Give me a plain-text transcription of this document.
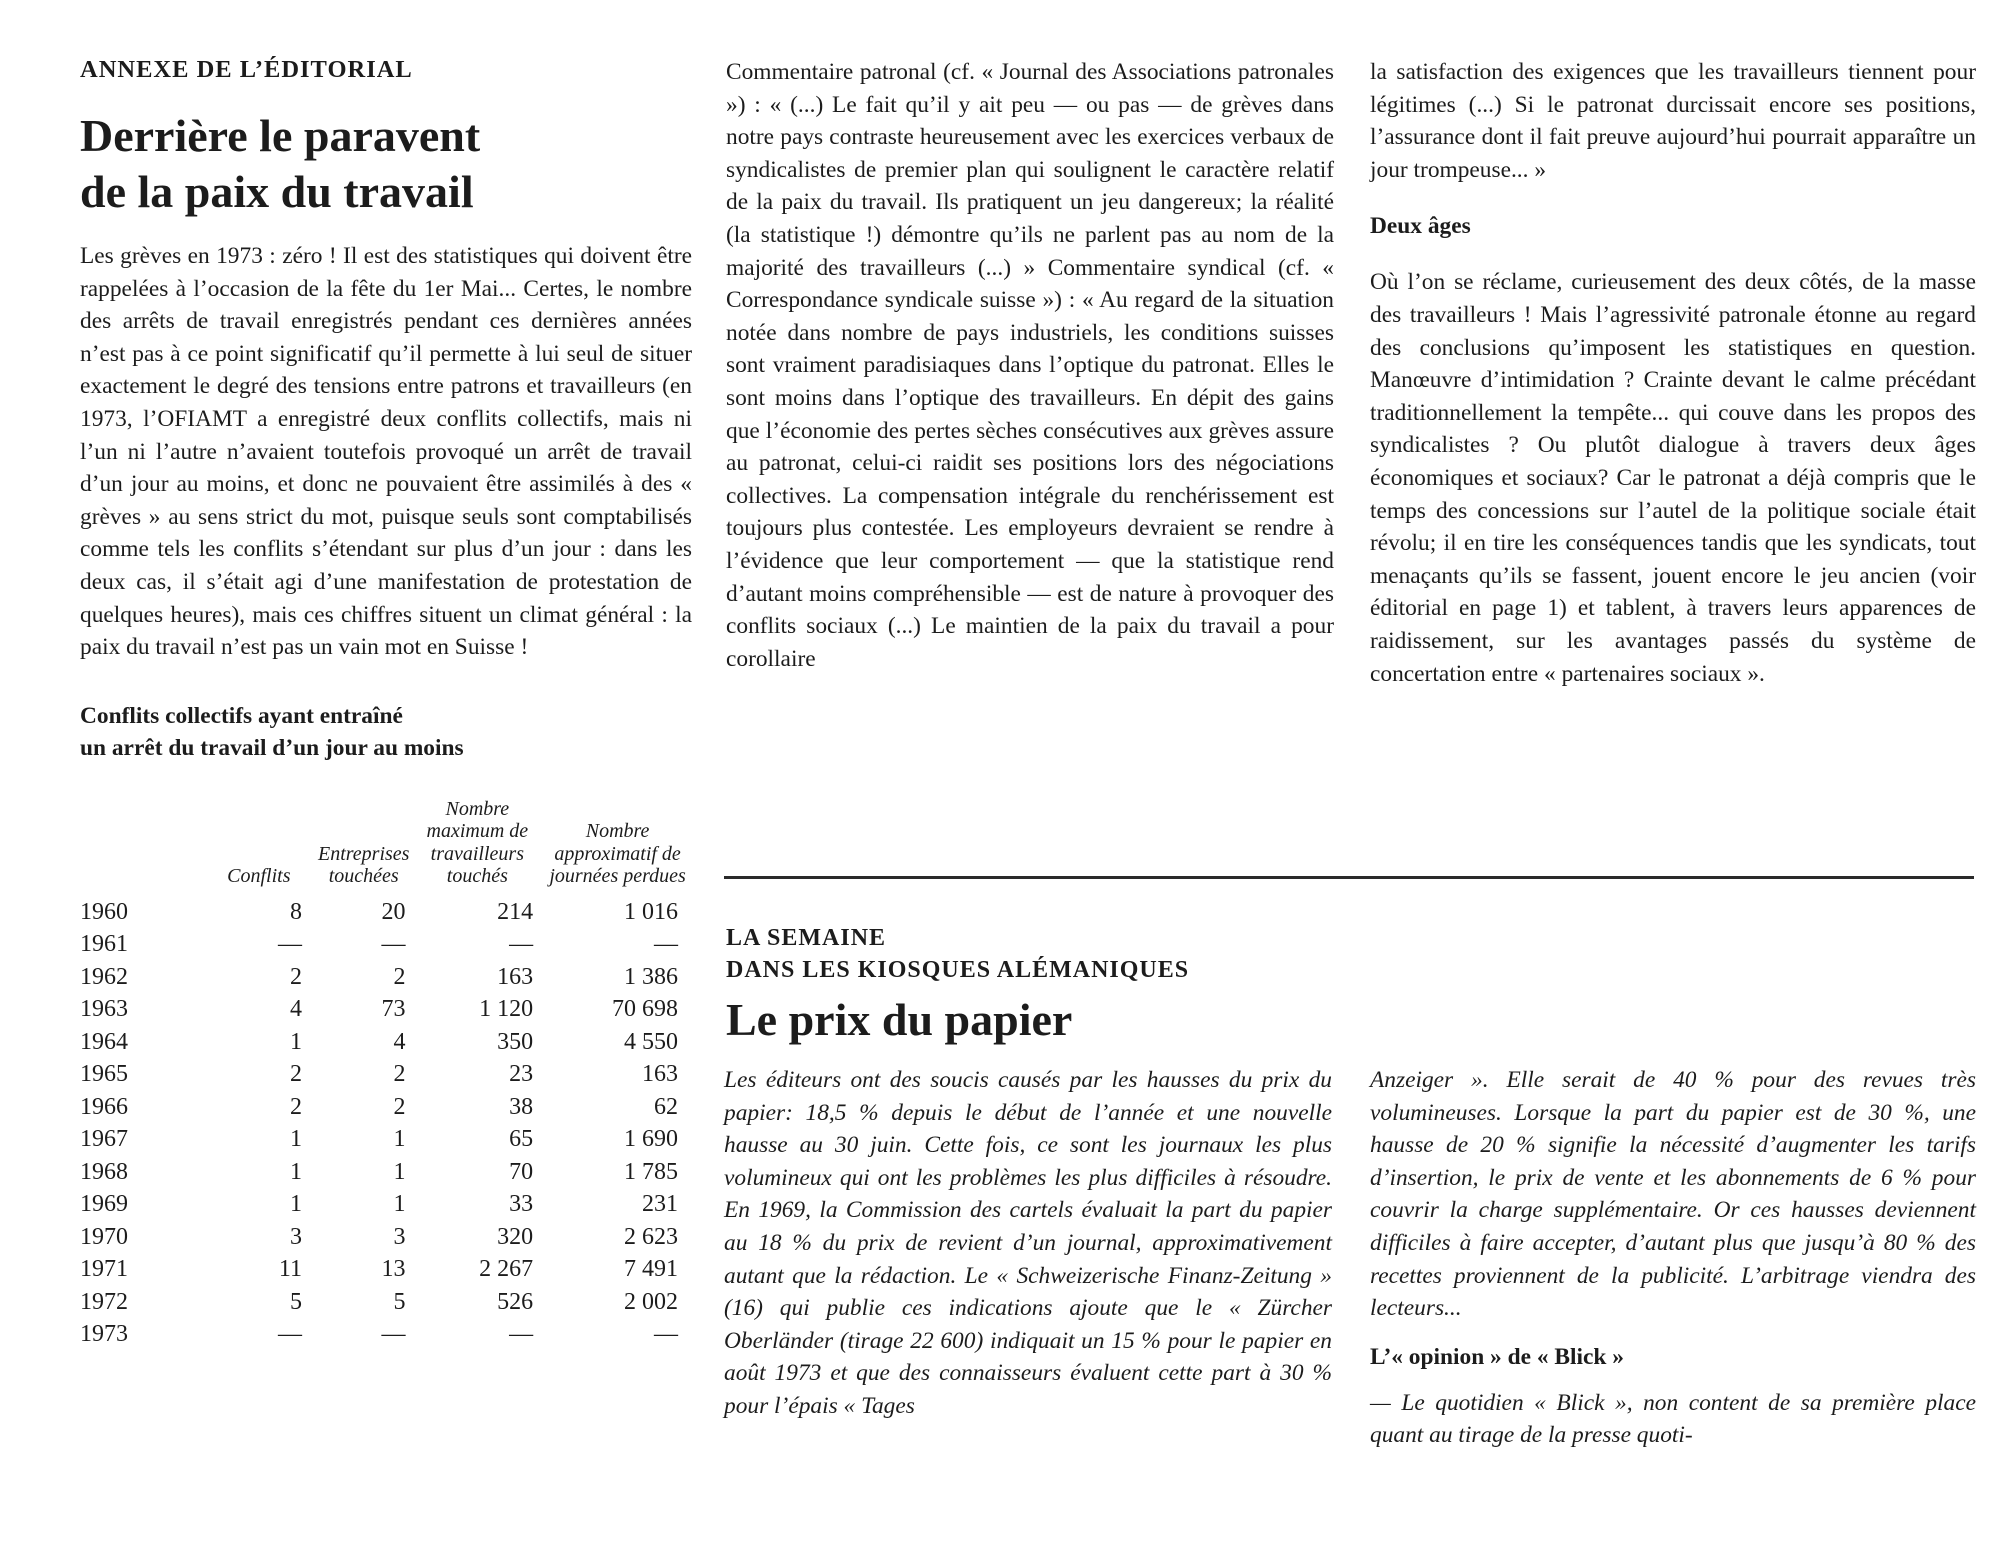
ANNEXE DE L’ÉDITORIAL

Derrière le paravent
de la paix du travail

Les grèves en 1973 : zéro ! Il est des statistiques qui doivent être rappelées à l’occasion de la fête du 1er Mai... Certes, le nombre des arrêts de travail enregistrés pendant ces dernières années n’est pas à ce point significatif qu’il permette à lui seul de situer exactement le degré des tensions entre patrons et travailleurs (en 1973, l’OFIAMT a enregistré deux conflits collectifs, mais ni l’un ni l’autre n’avaient toutefois provoqué un arrêt de travail d’un jour au moins, et donc ne pouvaient être assimilés à des « grèves » au sens strict du mot, puisque seuls sont comptabilisés comme tels les conflits s’étendant sur plus d’un jour : dans les deux cas, il s’était agi d’une manifestation de protestation de quelques heures), mais ces chiffres situent un climat général : la paix du travail n’est pas un vain mot en Suisse !

Conflits collectifs ayant entraîné
un arrêt du travail d’un jour au moins

	Conflits	Entreprises touchées	Nombre maximum de travailleurs touchés	Nombre approximatif de journées perdues
1960	8	20	214	1 016
1961	—	—	—	—
1962	2	2	163	1 386
1963	4	73	1 120	70 698
1964	1	4	350	4 550
1965	2	2	23	163
1966	2	2	38	62
1967	1	1	65	1 690
1968	1	1	70	1 785
1969	1	1	33	231
1970	3	3	320	2 623
1971	11	13	2 267	7 491
1972	5	5	526	2 002
1973	—	—	—	—

Commentaire patronal (cf. « Journal des Associations patronales ») : « (...) Le fait qu’il y ait peu — ou pas — de grèves dans notre pays contraste heureusement avec les exercices verbaux de syndicalistes de premier plan qui soulignent le caractère relatif de la paix du travail. Ils pratiquent un jeu dangereux; la réalité (la statistique !) démontre qu’ils ne parlent pas au nom de la majorité des travailleurs (...) » Commentaire syndical (cf. « Correspondance syndicale suisse ») : « Au regard de la situation notée dans nombre de pays industriels, les conditions suisses sont vraiment paradisiaques dans l’optique du patronat. Elles le sont moins dans l’optique des travailleurs. En dépit des gains que l’économie des pertes sèches consécutives aux grèves assure au patronat, celui-ci raidit ses positions lors des négociations collectives. La compensation intégrale du renchérissement est toujours plus contestée. Les employeurs devraient se rendre à l’évidence que leur comportement — que la statistique rend d’autant moins compréhensible — est de nature à provoquer des conflits sociaux (...) Le maintien de la paix du travail a pour corollaire

la satisfaction des exigences que les travailleurs tiennent pour légitimes (...) Si le patronat durcissait encore ses positions, l’assurance dont il fait preuve aujourd’hui pourrait apparaître un jour trompeuse... »

Deux âges

Où l’on se réclame, curieusement des deux côtés, de la masse des travailleurs ! Mais l’agressivité patronale étonne au regard des conclusions qu’imposent les statistiques en question. Manœuvre d’intimidation ? Crainte devant le calme précédant traditionnellement la tempête... qui couve dans les propos des syndicalistes ? Ou plutôt dialogue à travers deux âges économiques et sociaux? Car le patronat a déjà compris que le temps des concessions sur l’autel de la politique sociale était révolu; il en tire les conséquences tandis que les syndicats, tout menaçants qu’ils se fassent, jouent encore le jeu ancien (voir éditorial en page 1) et tablent, à travers leurs apparences de raidissement, sur les avantages passés du système de concertation entre « partenaires sociaux ».

LA SEMAINE

DANS LES KIOSQUES ALÉMANIQUES

Le prix du papier

Les éditeurs ont des soucis causés par les hausses du prix du papier: 18,5 % depuis le début de l’année et une nouvelle hausse au 30 juin. Cette fois, ce sont les journaux les plus volumineux qui ont les problèmes les plus difficiles à résoudre. En 1969, la Commission des cartels évaluait la part du papier au 18 % du prix de revient d’un journal, approximativement autant que la rédaction. Le « Schweizerische Finanz-Zeitung » (16) qui publie ces indications ajoute que le « Zürcher Oberländer (tirage 22 600) indiquait un 15 % pour le papier en août 1973 et que des connaisseurs évaluent cette part à 30 % pour l’épais « Tages

Anzeiger ». Elle serait de 40 % pour des revues très volumineuses. Lorsque la part du papier est de 30 %, une hausse de 20 % signifie la nécessité d’augmenter les tarifs d’insertion, le prix de vente et les abonnements de 6 % pour couvrir la charge supplémentaire. Or ces hausses deviennent difficiles à faire accepter, d’autant plus que jusqu’à 80 % des recettes proviennent de la publicité. L’arbitrage viendra des lecteurs...

L’« opinion » de « Blick »

— Le quotidien « Blick », non content de sa première place quant au tirage de la presse quoti-
